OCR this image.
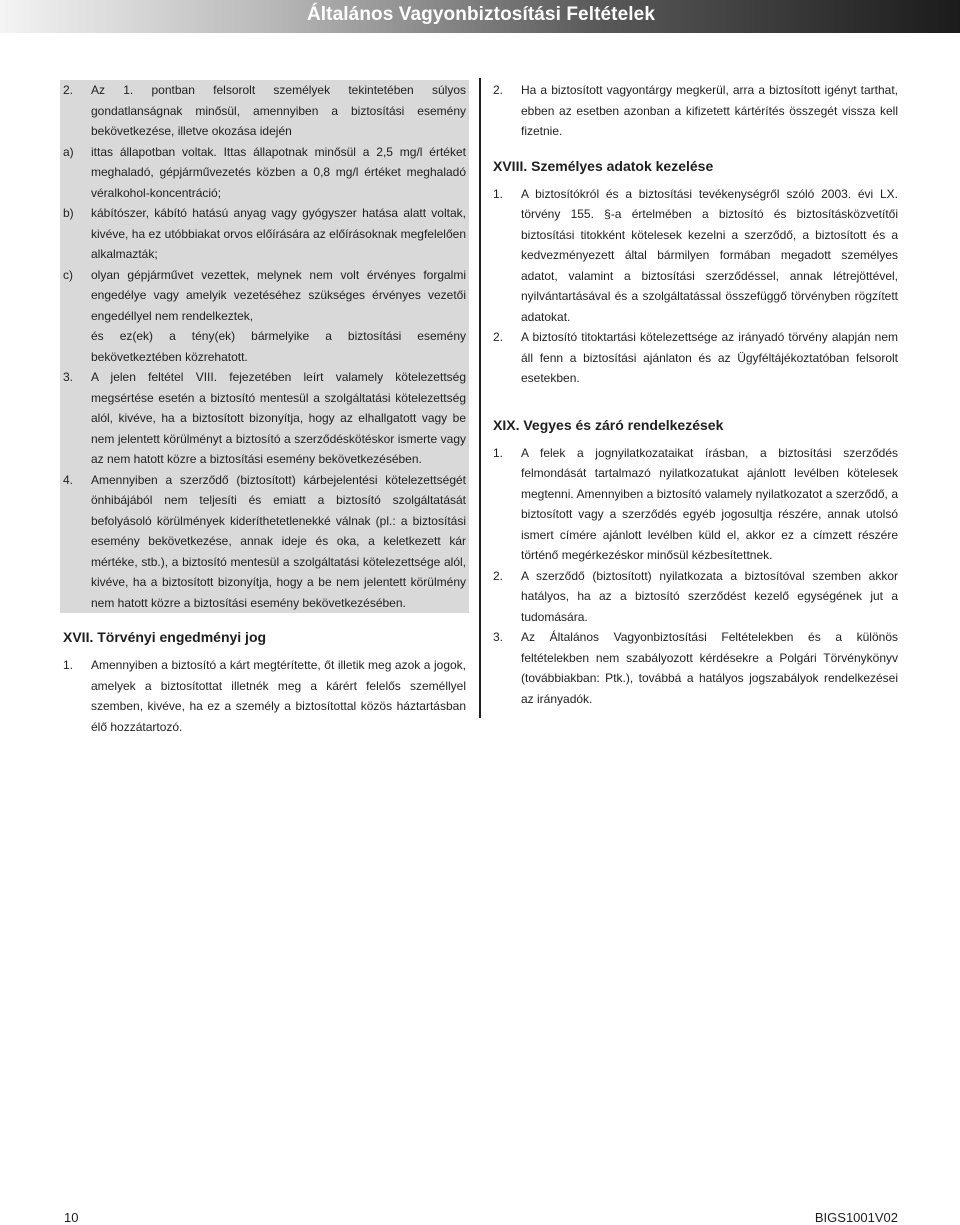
Általános Vagyonbiztosítási Feltételek
2.	Az 1. pontban felsorolt személyek tekintetében súlyos gondatlanságnak minősül, amennyiben a biztosítási esemény bekövetkezése, illetve okozása idején
a)	ittas állapotban voltak. Ittas állapotnak minősül a 2,5 mg/l értéket meghaladó, gépjárművezetés közben a 0,8 mg/l értéket meghaladó véralkohol-koncentráció;
b)	kábítószer, kábító hatású anyag vagy gyógyszer hatása alatt voltak, kivéve, ha ez utóbbiakat orvos előírására az előírásoknak megfelelően alkalmazták;
c)	olyan gépjárművet vezettek, melynek nem volt érvényes forgalmi engedélye vagy amelyik vezetéséhez szükséges érvényes vezetői engedéllyel nem rendelkeztek,
és ez(ek) a tény(ek) bármelyike a biztosítási esemény bekövetkeztében közrehatott.
3.	A jelen feltétel VIII. fejezetében leírt valamely kötelezettség megsértése esetén a biztosító mentesül a szolgáltatási kötelezettség alól, kivéve, ha a biztosított bizonyítja, hogy az elhallgatott vagy be nem jelentett körülményt a biztosító a szerződéskötéskor ismerte vagy az nem hatott közre a biztosítási esemény bekövetkezésében.
4.	Amennyiben a szerződő (biztosított) kárbejelentési kötelezettségét önhibájából nem teljesíti és emiatt a biztosító szolgáltatását befolyásoló körülmények kideríthetetlenekké válnak (pl.: a biztosítási esemény bekövetkezése, annak ideje és oka, a keletkezett kár mértéke, stb.), a biztosító mentesül a szolgáltatási kötelezettsége alól, kivéve, ha a biztosított bizonyítja, hogy a be nem jelentett körülmény nem hatott közre a biztosítási esemény bekövetkezésében.
XVII. Törvényi engedményi jog
1.	Amennyiben a biztosító a kárt megtérítette, őt illetik meg azok a jogok, amelyek a biztosítottat illetnék meg a kárért felelős személlyel szemben, kivéve, ha ez a személy a biztosítottal közös háztartásban élő hozzátartozó.
2.	Ha a biztosított vagyontárgy megkerül, arra a biztosított igényt tarthat, ebben az esetben azonban a kifizetett kártérítés összegét vissza kell fizetnie.
XVIII. Személyes adatok kezelése
1.	A biztosítókról és a biztosítási tevékenységről szóló 2003. évi LX. törvény 155. §-a értelmében a biztosító és biztosításközvetítői biztosítási titokként kötelesek kezelni a szerződő, a biztosított és a kedvezményezett által bármilyen formában megadott személyes adatot, valamint a biztosítási szerződéssel, annak létrejöttével, nyilvántartásával és a szolgáltatással összefüggő törvényben rögzített adatokat.
2.	A biztosító titoktartási kötelezettsége az irányadó törvény alapján nem áll fenn a biztosítási ajánlaton és az Ügyféltájékoztatóban felsorolt esetekben.
XIX. Vegyes és záró rendelkezések
1.	A felek a jognyilatkozataikat írásban, a biztosítási szerződés felmondását tartalmazó nyilatkozatukat ajánlott levélben kötelesek megtenni. Amennyiben a biztosító valamely nyilatkozatot a szerződő, a biztosított vagy a szerződés egyéb jogosultja részére, annak utolsó ismert címére ajánlott levélben küld el, akkor ez a címzett részére történő megérkezéskor minősül kézbesítettnek.
2.	A szerződő (biztosított) nyilatkozata a biztosítóval szemben akkor hatályos, ha az a biztosító szerződést kezelő egységének jut a tudomására.
3.	Az Általános Vagyonbiztosítási Feltételekben és a különös feltételekben nem szabályozott kérdésekre a Polgári Törvénykönyv (továbbiakban: Ptk.), továbbá a hatályos jogszabályok rendelkezései az irányadók.
10	BIGS1001V02
